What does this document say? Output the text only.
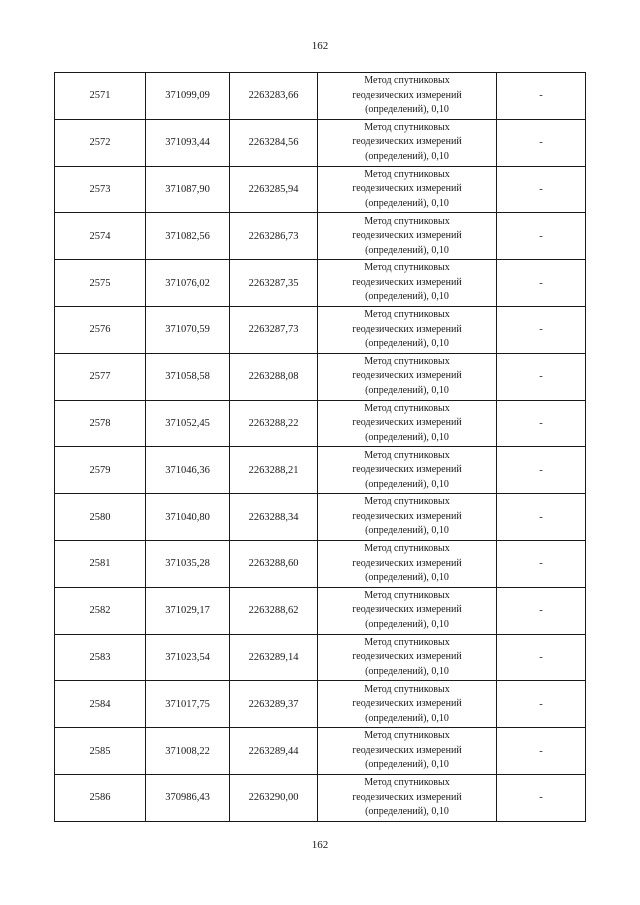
162
2571	371099,09	2263283,66	Метод спутниковых
геодезических измерений
(определений), 0,10	-
2572	371093,44	2263284,56	Метод спутниковых
геодезических измерений
(определений), 0,10	-
2573	371087,90	2263285,94	Метод спутниковых
геодезических измерений
(определений), 0,10	-
2574	371082,56	2263286,73	Метод спутниковых
геодезических измерений
(определений), 0,10	-
2575	371076,02	2263287,35	Метод спутниковых
геодезических измерений
(определений), 0,10	-
2576	371070,59	2263287,73	Метод спутниковых
геодезических измерений
(определений), 0,10	-
2577	371058,58	2263288,08	Метод спутниковых
геодезических измерений
(определений), 0,10	-
2578	371052,45	2263288,22	Метод спутниковых
геодезических измерений
(определений), 0,10	-
2579	371046,36	2263288,21	Метод спутниковых
геодезических измерений
(определений), 0,10	-
2580	371040,80	2263288,34	Метод спутниковых
геодезических измерений
(определений), 0,10	-
2581	371035,28	2263288,60	Метод спутниковых
геодезических измерений
(определений), 0,10	-
2582	371029,17	2263288,62	Метод спутниковых
геодезических измерений
(определений), 0,10	-
2583	371023,54	2263289,14	Метод спутниковых
геодезических измерений
(определений), 0,10	-
2584	371017,75	2263289,37	Метод спутниковых
геодезических измерений
(определений), 0,10	-
2585	371008,22	2263289,44	Метод спутниковых
геодезических измерений
(определений), 0,10	-
2586	370986,43	2263290,00	Метод спутниковых
геодезических измерений
(определений), 0,10	-
162
